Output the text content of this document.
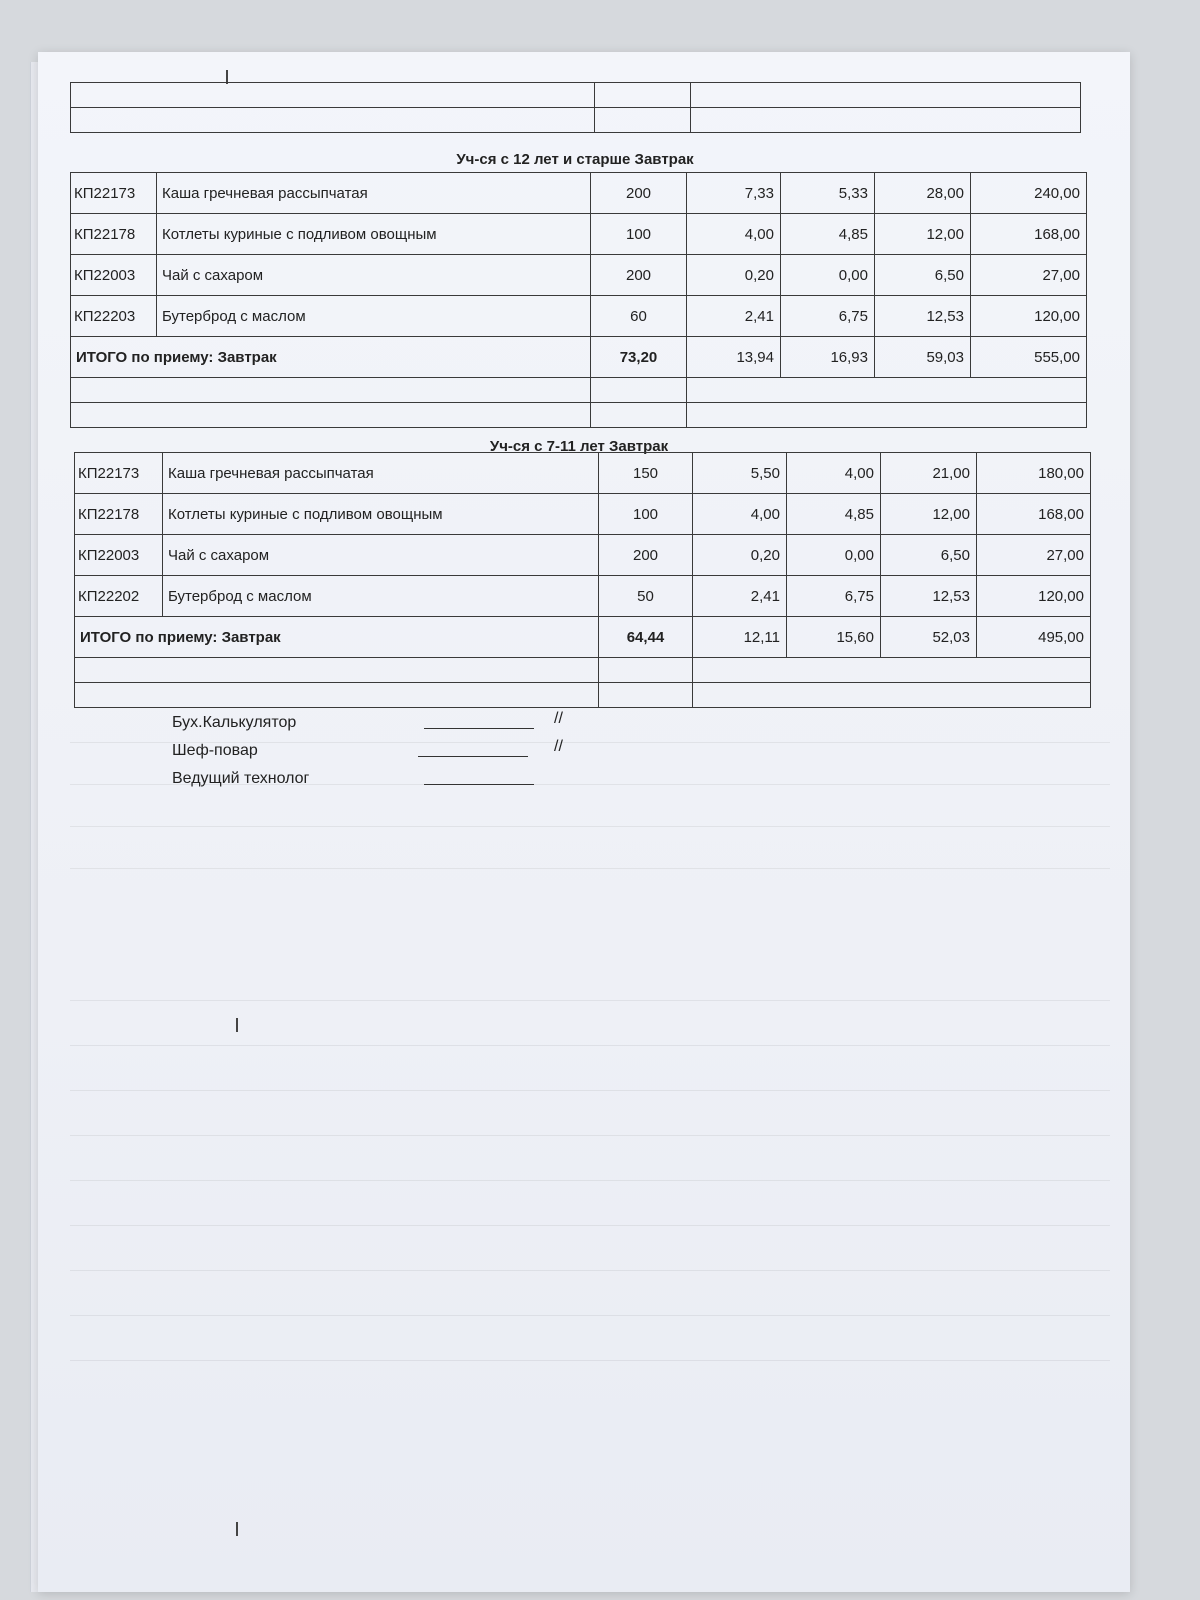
Уч-ся с 12 лет и старше Завтрак
КП22173	Каша гречневая рассыпчатая	200	7,33	5,33	28,00	240,00
КП22178	Котлеты куриные с подливом овощным	100	4,00	4,85	12,00	168,00
КП22003	Чай с сахаром	200	0,20	0,00	6,50	27,00
КП22203	Бутерброд с маслом	60	2,41	6,75	12,53	120,00
ИТОГО по приему: Завтрак		73,20	13,94	16,93	59,03	555,00

Уч-ся с 7-11 лет Завтрак
КП22173	Каша гречневая рассыпчатая	150	5,50	4,00	21,00	180,00
КП22178	Котлеты куриные с подливом овощным	100	4,00	4,85	12,00	168,00
КП22003	Чай с сахаром	200	0,20	0,00	6,50	27,00
КП22202	Бутерброд с маслом	50	2,41	6,75	12,53	120,00
ИТОГО по приему: Завтрак		64,44	12,11	15,60	52,03	495,00

Бух.Калькулятор	//
Шеф-повар	//
Ведущий технолог
